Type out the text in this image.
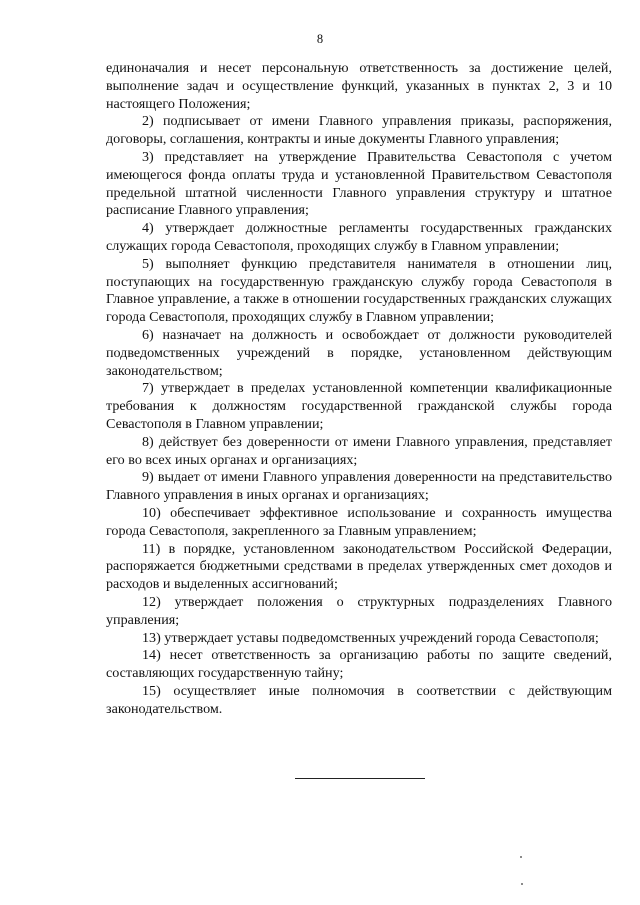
8

единоначалия и несет персональную ответственность за достижение целей, выполнение задач и осуществление функций, указанных в пунктах 2, 3 и 10 настоящего Положения;

2) подписывает от имени Главного управления приказы, распоряжения, договоры, соглашения, контракты и иные документы Главного управления;

3) представляет на утверждение Правительства Севастополя с учетом имеющегося фонда оплаты труда и установленной Правительством Севастополя предельной штатной численности Главного управления структуру и штатное расписание Главного управления;

4) утверждает должностные регламенты государственных гражданских служащих города Севастополя, проходящих службу в Главном управлении;

5) выполняет функцию представителя нанимателя в отношении лиц, поступающих на государственную гражданскую службу города Севастополя в Главное управление, а также в отношении государственных гражданских служащих города Севастополя, проходящих службу в Главном управлении;

6) назначает на должность и освобождает от должности руководителей подведомственных учреждений в порядке, установленном действующим законодательством;

7) утверждает в пределах установленной компетенции квалификационные требования к должностям государственной гражданской службы города Севастополя в Главном управлении;

8) действует без доверенности от имени Главного управления, представляет его во всех иных органах и организациях;

9) выдает от имени Главного управления доверенности на представительство Главного управления в иных органах и организациях;

10) обеспечивает эффективное использование и сохранность имущества города Севастополя, закрепленного за Главным управлением;

11) в порядке, установленном законодательством Российской Федерации, распоряжается бюджетными средствами в пределах утвержденных смет доходов и расходов и выделенных ассигнований;

12) утверждает положения о структурных подразделениях Главного управления;

13) утверждает уставы подведомственных учреждений города Севастополя;

14) несет ответственность за организацию работы по защите сведений, составляющих государственную тайну;

15) осуществляет иные полномочия в соответствии с действующим законодательством.
